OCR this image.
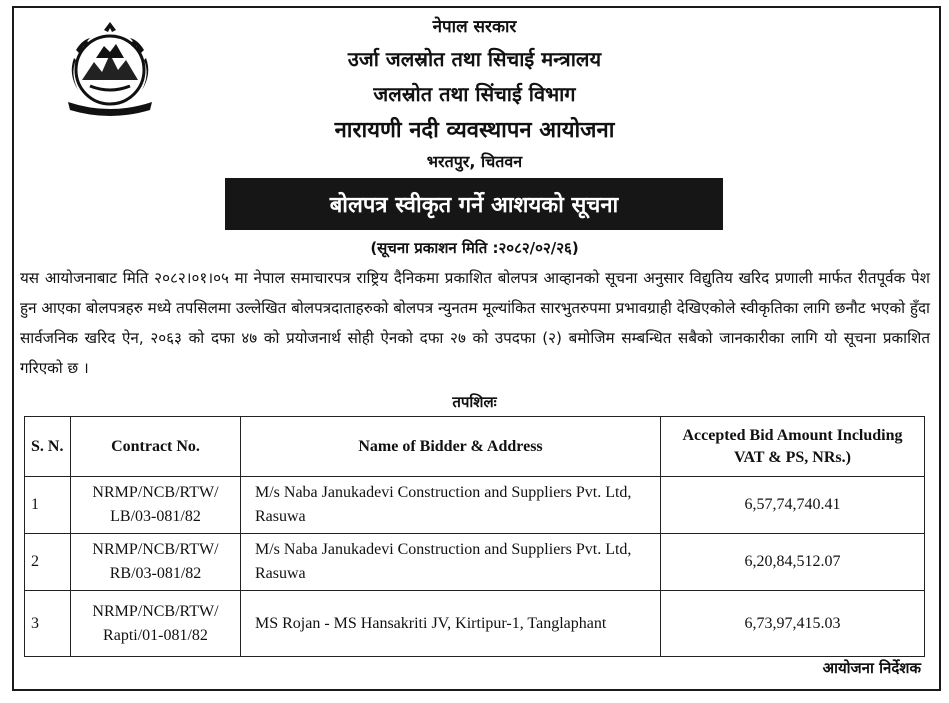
नेपाल सरकार
उर्जा जलस्रोत तथा सिचाई मन्त्रालय
जलस्रोत तथा सिंचाई विभाग
नारायणी नदी व्यवस्थापन आयोजना
भरतपुर, चितवन
बोलपत्र स्वीकृत गर्ने आशयको सूचना
(सूचना प्रकाशन मिति :२०८२/०२/२६)
यस आयोजनाबाट मिति २०८२।०१।०५ मा नेपाल समाचारपत्र राष्ट्रिय दैनिकमा प्रकाशित बोलपत्र आव्हानको सूचना अनुसार विद्युतिय खरिद प्रणाली मार्फत रीतपूर्वक पेश हुन आएका बोलपत्रहरु मध्ये तपसिलमा उल्लेखित बोलपत्रदाताहरुको बोलपत्र न्युनतम मूल्यांकित सारभुतरुपमा प्रभावग्राही देखिएकोले स्वीकृतिका लागि छनौट भएको हुँदा सार्वजनिक खरिद ऐन, २०६३ को दफा ४७ को प्रयोजनार्थ सोही ऐनको दफा २७ को उपदफा (२) बमोजिम सम्बन्धित सबैको जानकारीका लागि यो सूचना प्रकाशित गरिएको छ ।
तपशिलः
S. N.	Contract No.	Name of Bidder & Address	Accepted Bid Amount Including VAT & PS, NRs.)
1	NRMP/NCB/RTW/ LB/03-081/82	M/s Naba Janukadevi Construction and Suppliers Pvt. Ltd, Rasuwa	6,57,74,740.41
2	NRMP/NCB/RTW/ RB/03-081/82	M/s Naba Janukadevi Construction and Suppliers Pvt. Ltd, Rasuwa	6,20,84,512.07
3	NRMP/NCB/RTW/ Rapti/01-081/82	MS Rojan - MS Hansakriti JV, Kirtipur-1, Tanglaphant	6,73,97,415.03
आयोजना निर्देशक
